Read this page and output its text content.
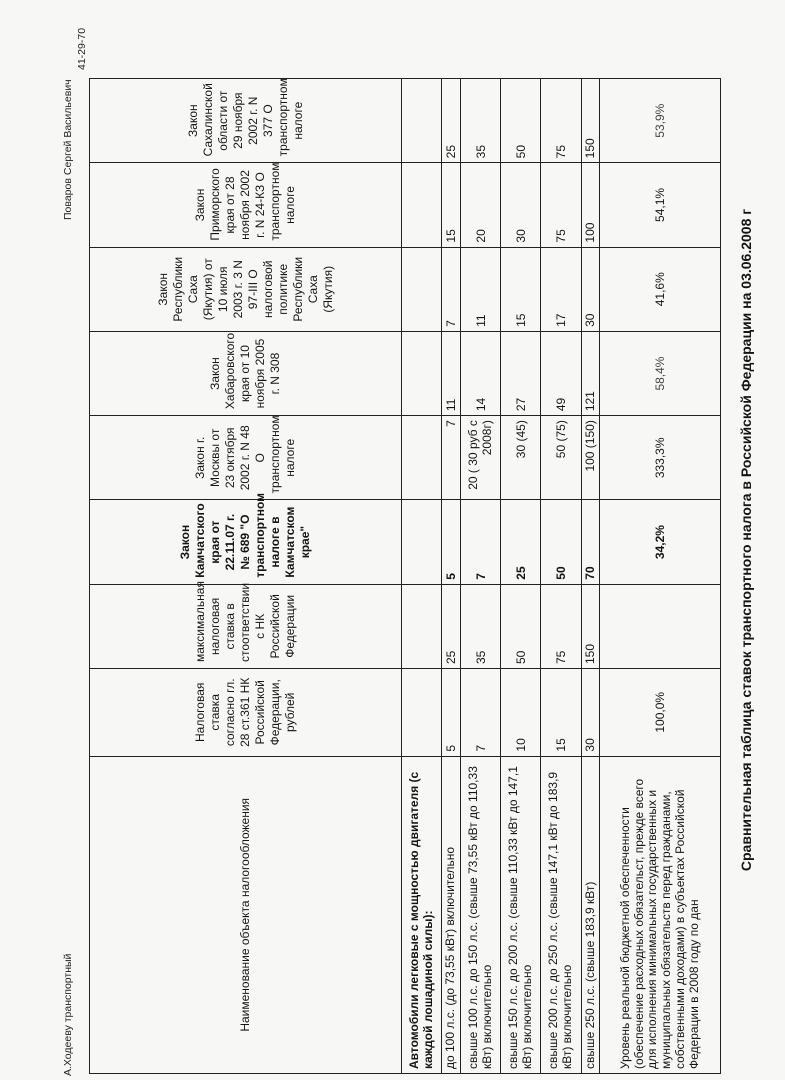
Сравнительная таблица ставок транспортного налога в Российской Федерации на 03.06.2008 г
Наименование объекта налогообложения	Налоговая ставка согласно гл. 28 ст.361 НК Российской Федерации, рублей	максимальная налоговая ставка в стоответствии с НК Российской Федерации	Закон Камчатского края от 22.11.07 г. № 689 "О транспортном налоге в Камчатском крае"	Закон г. Москвы от 23 октября 2002 г. N 48 О транспортном налоге	Закон Хабаровского края от 10 ноября 2005 г. N 308	Закон Республики Саха (Якутия) от 10 июля 2003 г. 3 N 97-III О налоговой политике Республики Саха (Якутия)	Закон Приморского края от 28 ноября 2002 г. N 24-КЗ О транспортном налоге	Закон Сахалинской области от 29 ноября 2002 г. N 377 О транспортном налоге
Автомобили легковые с мощностью двигателя (с каждой лошадиной силы):								
до 100 л.с. (до 73,55 кВт) включительно	5	25	5	7	11	7	15	25
свыше 100 л.с. до 150 л.с. (свыше 73,55 кВт до 110,33 кВт) включительно	7	35	7	20 ( 30 руб с 2008г)	14	11	20	35
свыше 150 л.с. до 200 л.с. (свыше 110,33 кВт до 147,1 кВт) включительно	10	50	25	30 (45)	27	15	30	50
свыше 200 л.с. до 250 л.с. (свыше 147,1 кВт до 183,9 кВт) включительно	15	75	50	50 (75)	49	17	75	75
свыше 250 л.с. (свыше 183,9 кВт)	30	150	70	100 (150)	121	30	100	150
Уровень реальной бюджетной обеспеченности (обеспечение расходных обязательст, прежде всего для исполнения минимальных государственных и муниципальных обязательств перед гражданами, собственными доходами) в субъектах Российской Федерации в 2008 году по дан	100,0%		34,2%	333,3%	58,4%	41,6%	54,1%	53,9%
А.Ходееву транспортный
Поваров Сергей Васильевич
41-29-70
